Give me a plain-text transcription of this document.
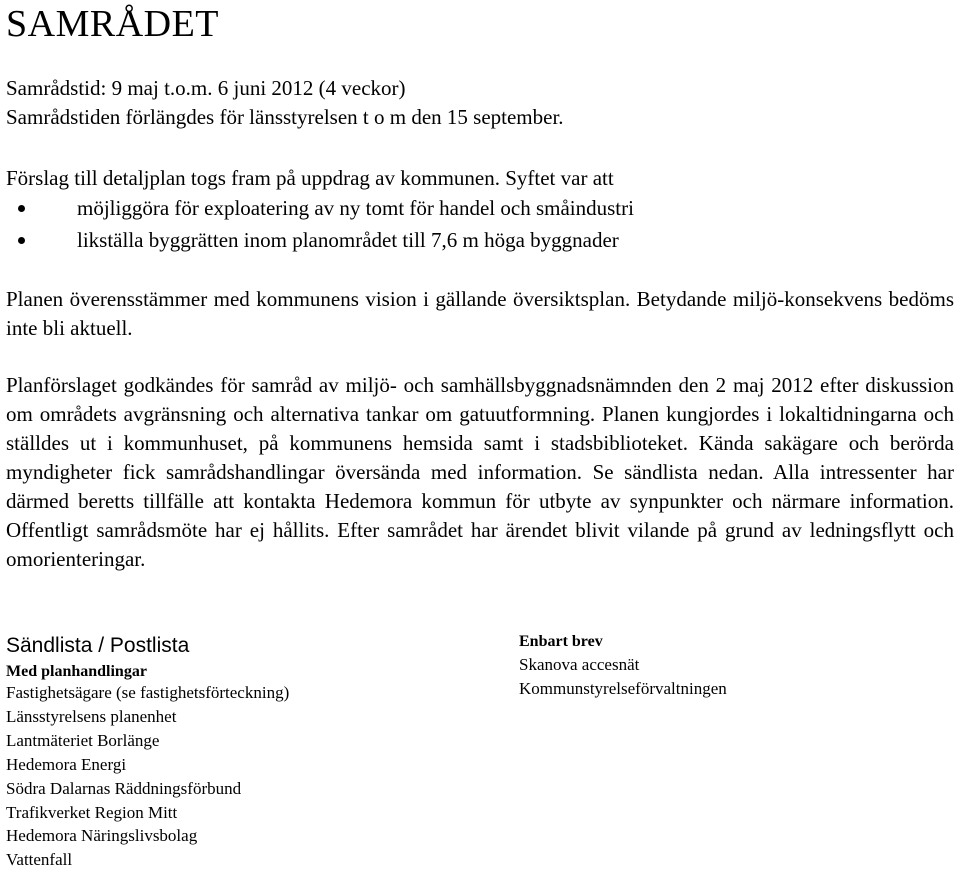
SAMRÅDET
Samrådstid: 9 maj t.o.m. 6 juni 2012 (4 veckor)
Samrådstiden förlängdes för länsstyrelsen t o m den 15 september.
Förslag till detaljplan togs fram på uppdrag av kommunen. Syftet var att
möjliggöra för exploatering av ny tomt för handel och småindustri
likställa byggrätten inom planområdet till 7,6 m höga byggnader
Planen överensstämmer med kommunens vision i gällande översiktsplan. Betydande miljö-konsekvens bedöms inte bli aktuell.
Planförslaget godkändes för samråd av miljö- och samhällsbyggnadsnämnden den 2 maj 2012 efter diskussion om områdets avgränsning och alternativa tankar om gatuutformning. Planen kungjordes i lokaltidningarna och ställdes ut i kommunhuset, på kommunens hemsida samt i stadsbiblioteket. Kända sakägare och berörda myndigheter fick samrådshandlingar översända med information. Se sändlista nedan. Alla intressenter har därmed beretts tillfälle att kontakta Hedemora kommun för utbyte av synpunkter och närmare information. Offentligt samrådsmöte har ej hållits. Efter samrådet har ärendet blivit vilande på grund av ledningsflytt och omorienteringar.
Sändlista / Postlista
Med planhandlingar
Fastighetsägare (se fastighetsförteckning)
Länsstyrelsens planenhet
Lantmäteriet Borlänge
Hedemora Energi
Södra Dalarnas Räddningsförbund
Trafikverket Region Mitt
Hedemora Näringslivsbolag
Vattenfall
Enbart brev
Skanova accesnät
Kommunstyrelseförvaltningen
